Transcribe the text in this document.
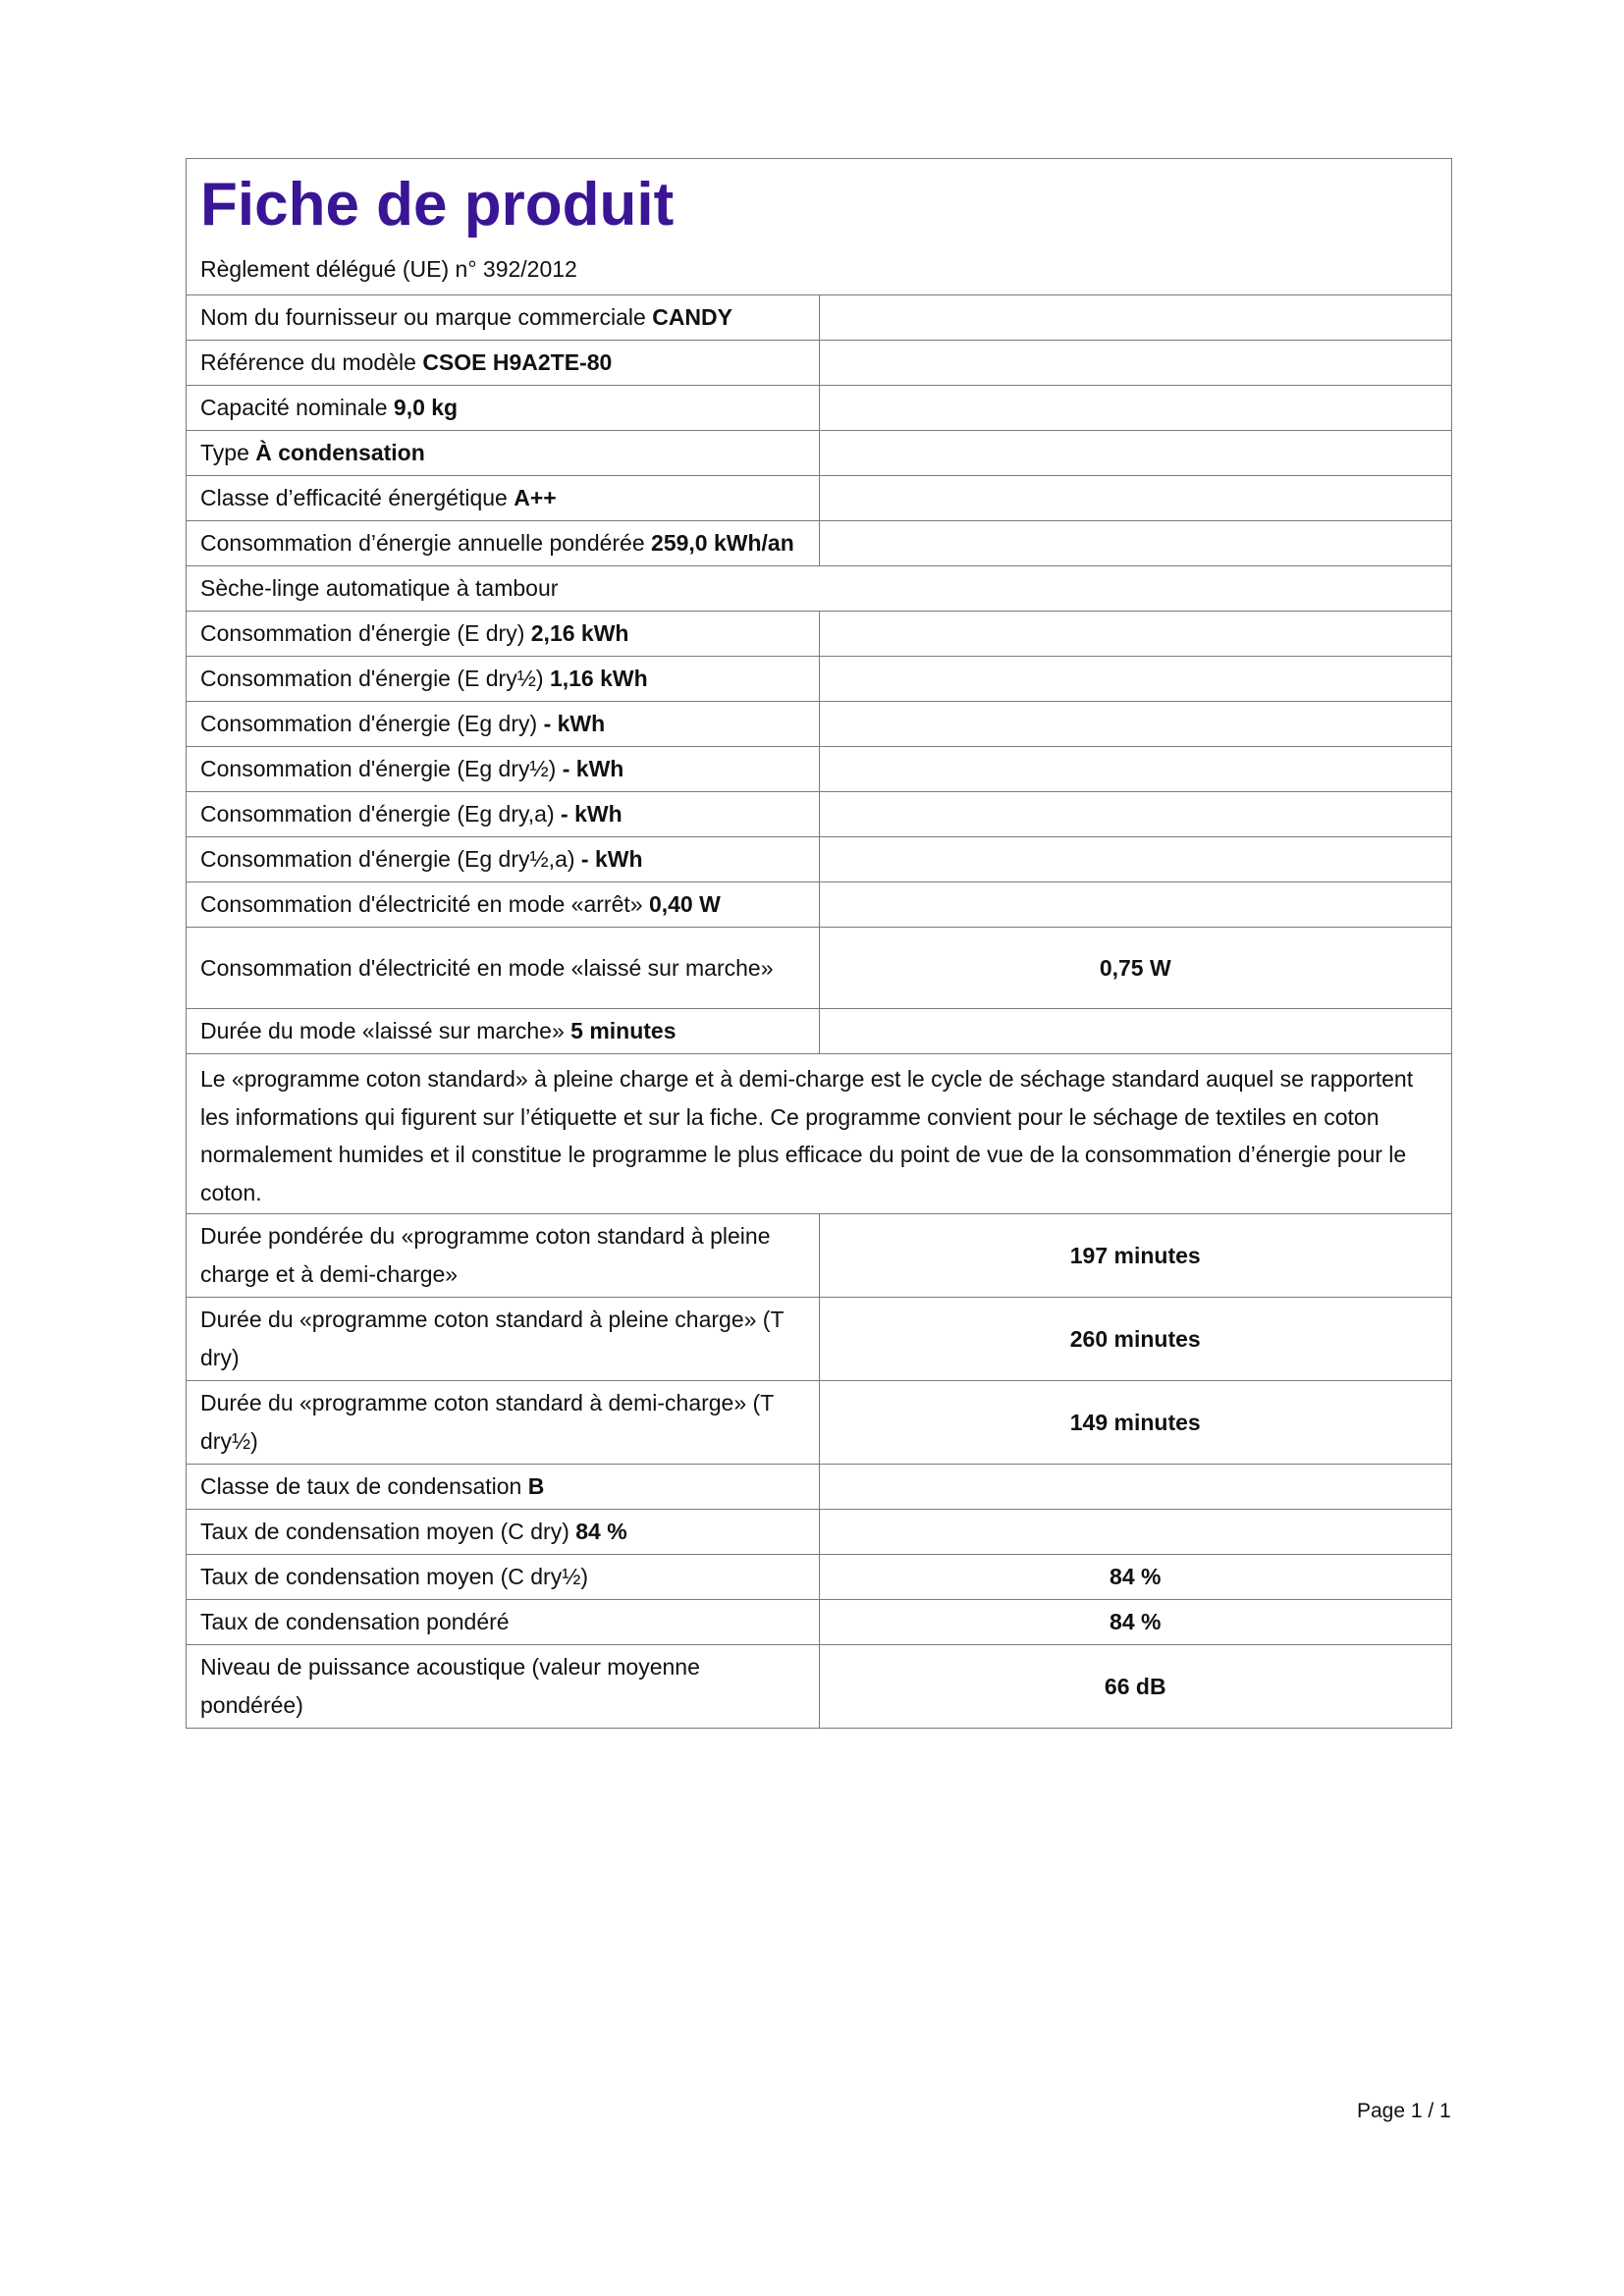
Fiche de produit
Règlement délégué (UE) n° 392/2012	

Nom du fournisseur ou marque commerciale CANDY	
Référence du modèle CSOE H9A2TE-80	
Capacité nominale 9,0 kg	
Type À condensation	
Classe d’efficacité énergétique A++	
Consommation d’énergie annuelle pondérée 259,0 kWh/an	
Sèche-linge automatique à tambour	
Consommation d'énergie (E dry) 2,16 kWh	
Consommation d'énergie (E dry½) 1,16 kWh	
Consommation d'énergie (Eg dry) - kWh	
Consommation d'énergie (Eg dry½) - kWh	
Consommation d'énergie (Eg dry,a) - kWh	
Consommation d'énergie (Eg dry½,a) - kWh	
Consommation d'électricité en mode «arrêt» 0,40 W	
Consommation d'électricité en mode «laissé sur marche»	0,75 W
Durée du mode «laissé sur marche» 5 minutes	
Le «programme coton standard» à pleine charge et à demi-charge est le cycle de séchage standard auquel se rapportent les informations qui figurent sur l’étiquette et sur la fiche. Ce programme convient pour le séchage de textiles en coton normalement humides et il constitue le programme le plus efficace du point de vue de la consommation d’énergie pour le coton.	
Durée pondérée du «programme coton standard à pleine charge et à demi-charge»	197 minutes
Durée du «programme coton standard à pleine charge» (T dry)	260 minutes
Durée du «programme coton standard à demi-charge» (T dry½)	149 minutes
Classe de taux de condensation B	
Taux de condensation moyen (C dry) 84 %	
Taux de condensation moyen (C dry½)	84 %
Taux de condensation pondéré	84 %
Niveau de puissance acoustique (valeur moyenne pondérée)	66 dB
Page 1 / 1
